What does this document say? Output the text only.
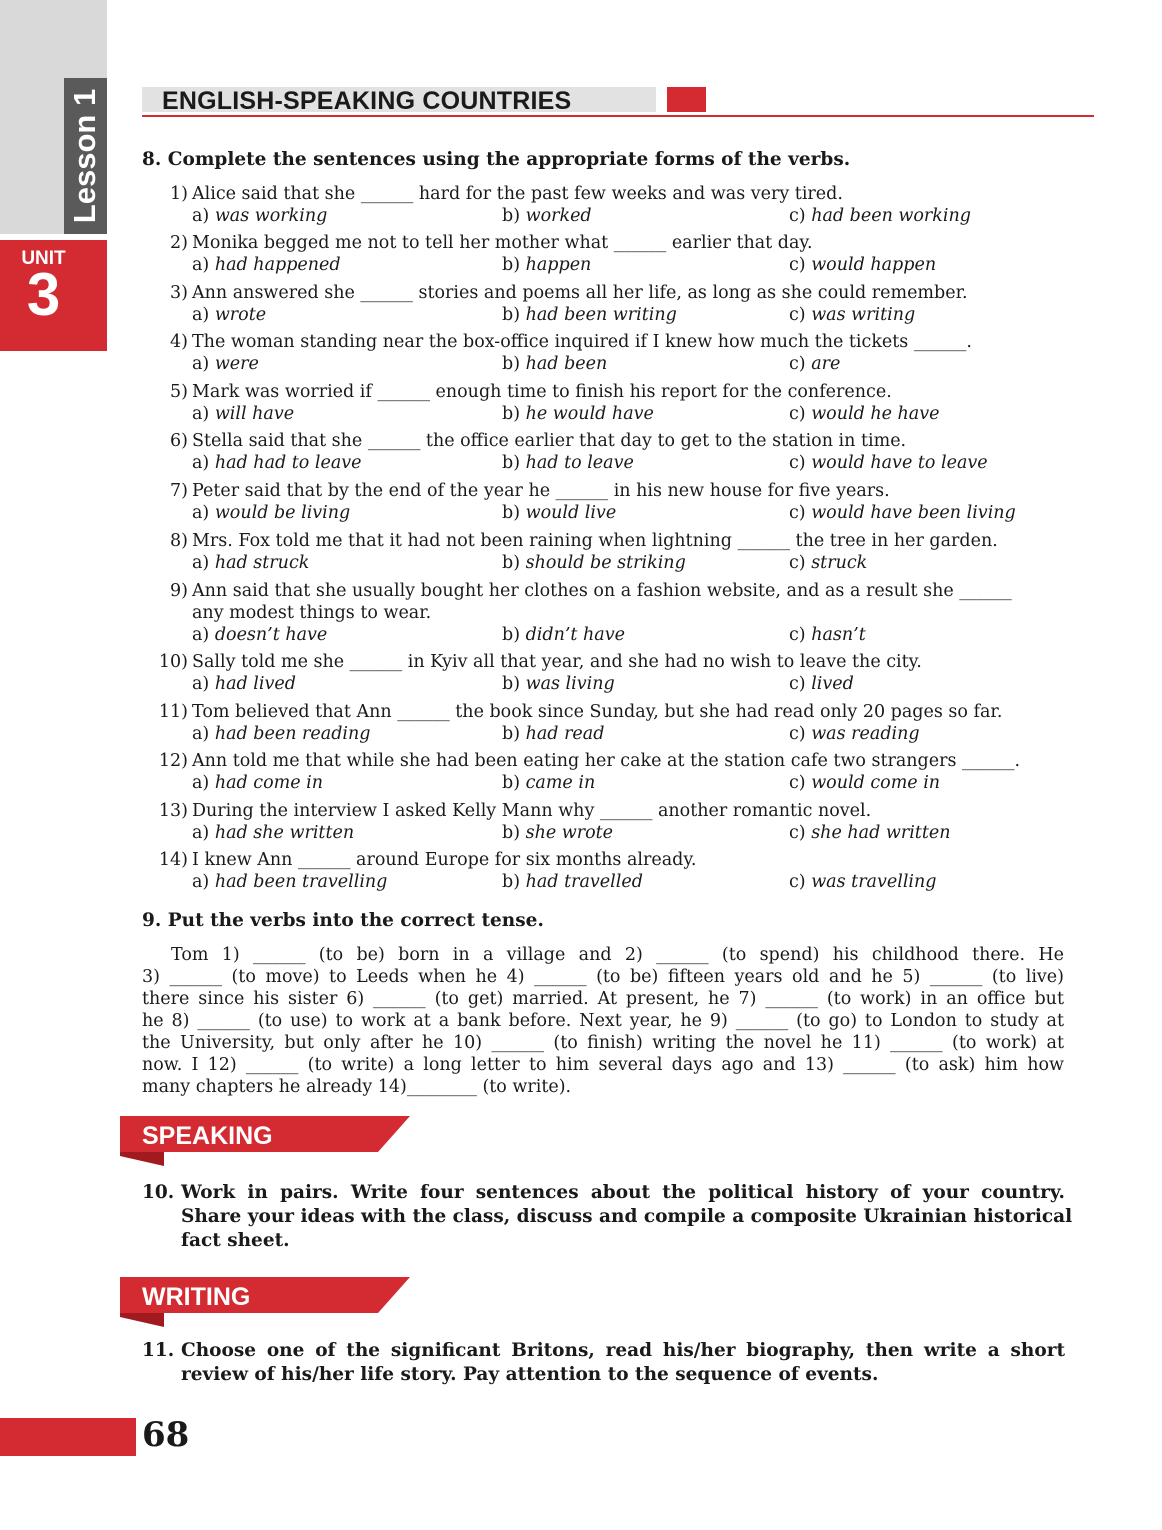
Lesson 1
UNIT
3
ENGLISH-SPEAKING COUNTRIES
8. Complete the sentences using the appropriate forms of the verbs.
1) Alice said that she ______ hard for the past few weeks and was very tired.
a) was working	b) worked	c) had been working
2) Monika begged me not to tell her mother what ______ earlier that day.
a) had happened	b) happen	c) would happen
3) Ann answered she ______ stories and poems all her life, as long as she could remember.
a) wrote	b) had been writing	c) was writing
4) The woman standing near the box-office inquired if I knew how much the tickets ______.
a) were	b) had been	c) are
5) Mark was worried if ______ enough time to finish his report for the conference.
a) will have	b) he would have	c) would he have
6) Stella said that she ______ the office earlier that day to get to the station in time.
a) had had to leave	b) had to leave	c) would have to leave
7) Peter said that by the end of the year he ______ in his new house for five years.
a) would be living	b) would live	c) would have been living
8) Mrs. Fox told me that it had not been raining when lightning ______ the tree in her garden.
a) had struck	b) should be striking	c) struck
9) Ann said that she usually bought her clothes on a fashion website, and as a result she ______
any modest things to wear.
a) doesn’t have	b) didn’t have	c) hasn’t
10) Sally told me she ______ in Kyiv all that year, and she had no wish to leave the city.
a) had lived	b) was living	c) lived
11) Tom believed that Ann ______ the book since Sunday, but she had read only 20 pages so far.
a) had been reading	b) had read	c) was reading
12) Ann told me that while she had been eating her cake at the station cafe two strangers ______.
a) had come in	b) came in	c) would come in
13) During the interview I asked Kelly Mann why ______ another romantic novel.
a) had she written	b) she wrote	c) she had written
14) I knew Ann ______ around Europe for six months already.
a) had been travelling	b) had travelled	c) was travelling
9. Put the verbs into the correct tense.
Tom 1) ______ (to be) born in a village and 2) ______ (to spend) his childhood there. He
3) ______ (to move) to Leeds when he 4) ______ (to be) fifteen years old and he 5) ______ (to live)
there since his sister 6) ______ (to get) married. At present, he 7) ______ (to work) in an office but
he 8) ______ (to use) to work at a bank before. Next year, he 9) ______ (to go) to London to study at
the University, but only after he 10) ______ (to finish) writing the novel he 11) ______ (to work) at
now. I 12) ______ (to write) a long letter to him several days ago and 13) ______ (to ask) him how
many chapters he already 14)________ (to write).
SPEAKING
10. Work in pairs. Write four sentences about the political history of your country.
Share your ideas with the class, discuss and compile a composite Ukrainian historical
fact sheet.
WRITING
11. Choose one of the significant Britons, read his/her biography, then write a short
review of his/her life story. Pay attention to the sequence of events.
68
